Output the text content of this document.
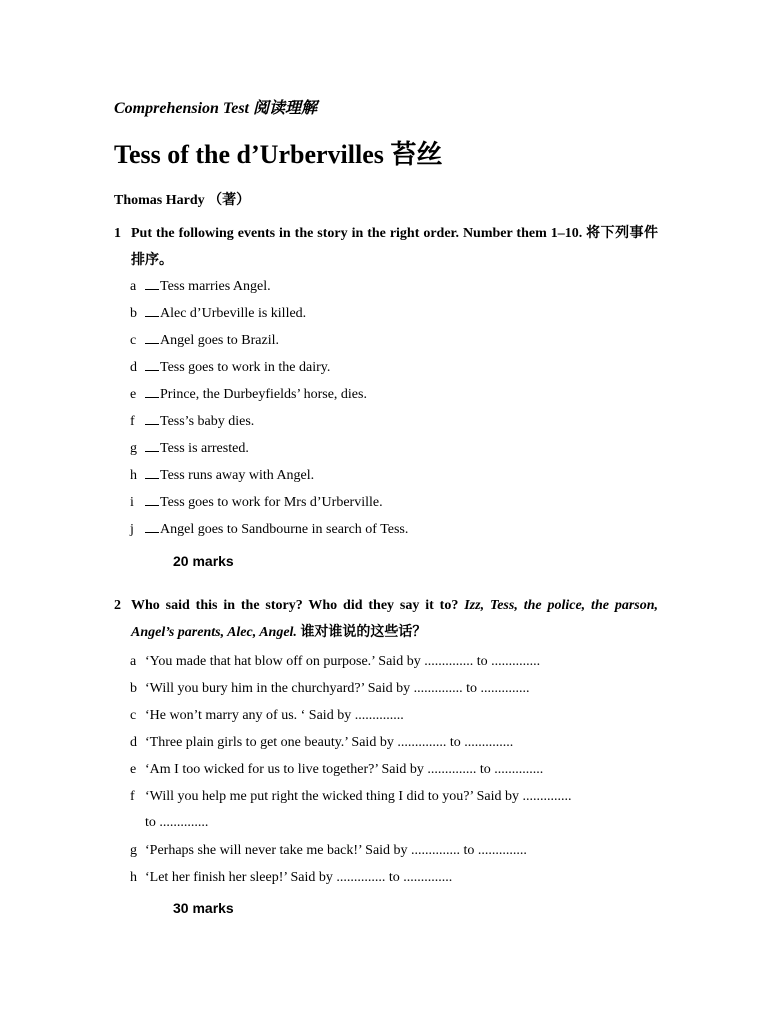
Comprehension Test 阅读理解
Tess of the d’Urbervilles 苔丝
Thomas Hardy （著）
1 Put the following events in the story in the right order. Number them 1–10. 将下列事件排序。
a Tess marries Angel.
b Alec d’Urbeville is killed.
c Angel goes to Brazil.
d Tess goes to work in the dairy.
e Prince, the Durbeyfields’ horse, dies.
f Tess’s baby dies.
g Tess is arrested.
h Tess runs away with Angel.
i Tess goes to work for Mrs d’Urberville.
j Angel goes to Sandbourne in search of Tess.
20 marks
2 Who said this in the story? Who did they say it to? Izz, Tess, the police, the parson, Angel’s parents, Alec, Angel. 谁对谁说的这些话？
a ‘You made that hat blow off on purpose.’ Said by .............. to ..............
b ‘Will you bury him in the churchyard?’ Said by .............. to ..............
c ‘He won’t marry any of us. ‘ Said by ..............
d ‘Three plain girls to get one beauty.’ Said by .............. to ..............
e ‘Am I too wicked for us to live together?’ Said by .............. to ..............
f ‘Will you help me put right the wicked thing I did to you?’ Said by ..............
to ..............
g ‘Perhaps she will never take me back!’ Said by .............. to ..............
h ‘Let her finish her sleep!’ Said by .............. to ..............
30 marks
